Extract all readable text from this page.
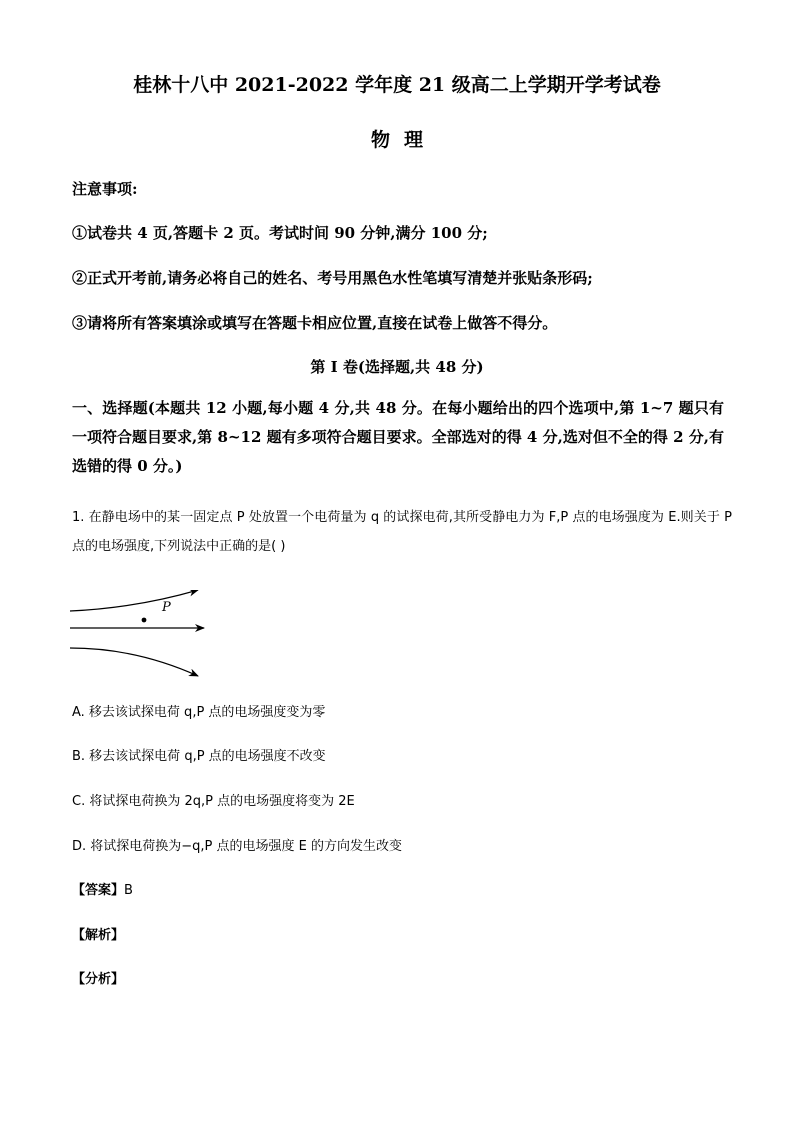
桂林十八中 2021-2022 学年度 21 级高二上学期开学考试卷
物理
注意事项:
①试卷共 4 页,答题卡 2 页。考试时间 90 分钟,满分 100 分;
②正式开考前,请务必将自己的姓名、考号用黑色水性笔填写清楚并张贴条形码;
③请将所有答案填涂或填写在答题卡相应位置,直接在试卷上做答不得分。
第 I 卷(选择题,共 48 分)
一、选择题(本题共 12 小题,每小题 4 分,共 48 分。在每小题给出的四个选项中,第 1~7 题只有一项符合题目要求,第 8~12 题有多项符合题目要求。全部选对的得 4 分,选对但不全的得 2 分,有选错的得 0 分。)
1. 在静电场中的某一固定点 P 处放置一个电荷量为 q 的试探电荷,其所受静电力为 F,P 点的电场强度为 E.则关于 P 点的电场强度,下列说法中正确的是( )
P
A. 移去该试探电荷 q,P 点的电场强度变为零
B. 移去该试探电荷 q,P 点的电场强度不改变
C. 将试探电荷换为 2q,P 点的电场强度将变为 2E
D. 将试探电荷换为−q,P 点的电场强度 E 的方向发生改变
【答案】B
【解析】
【分析】
